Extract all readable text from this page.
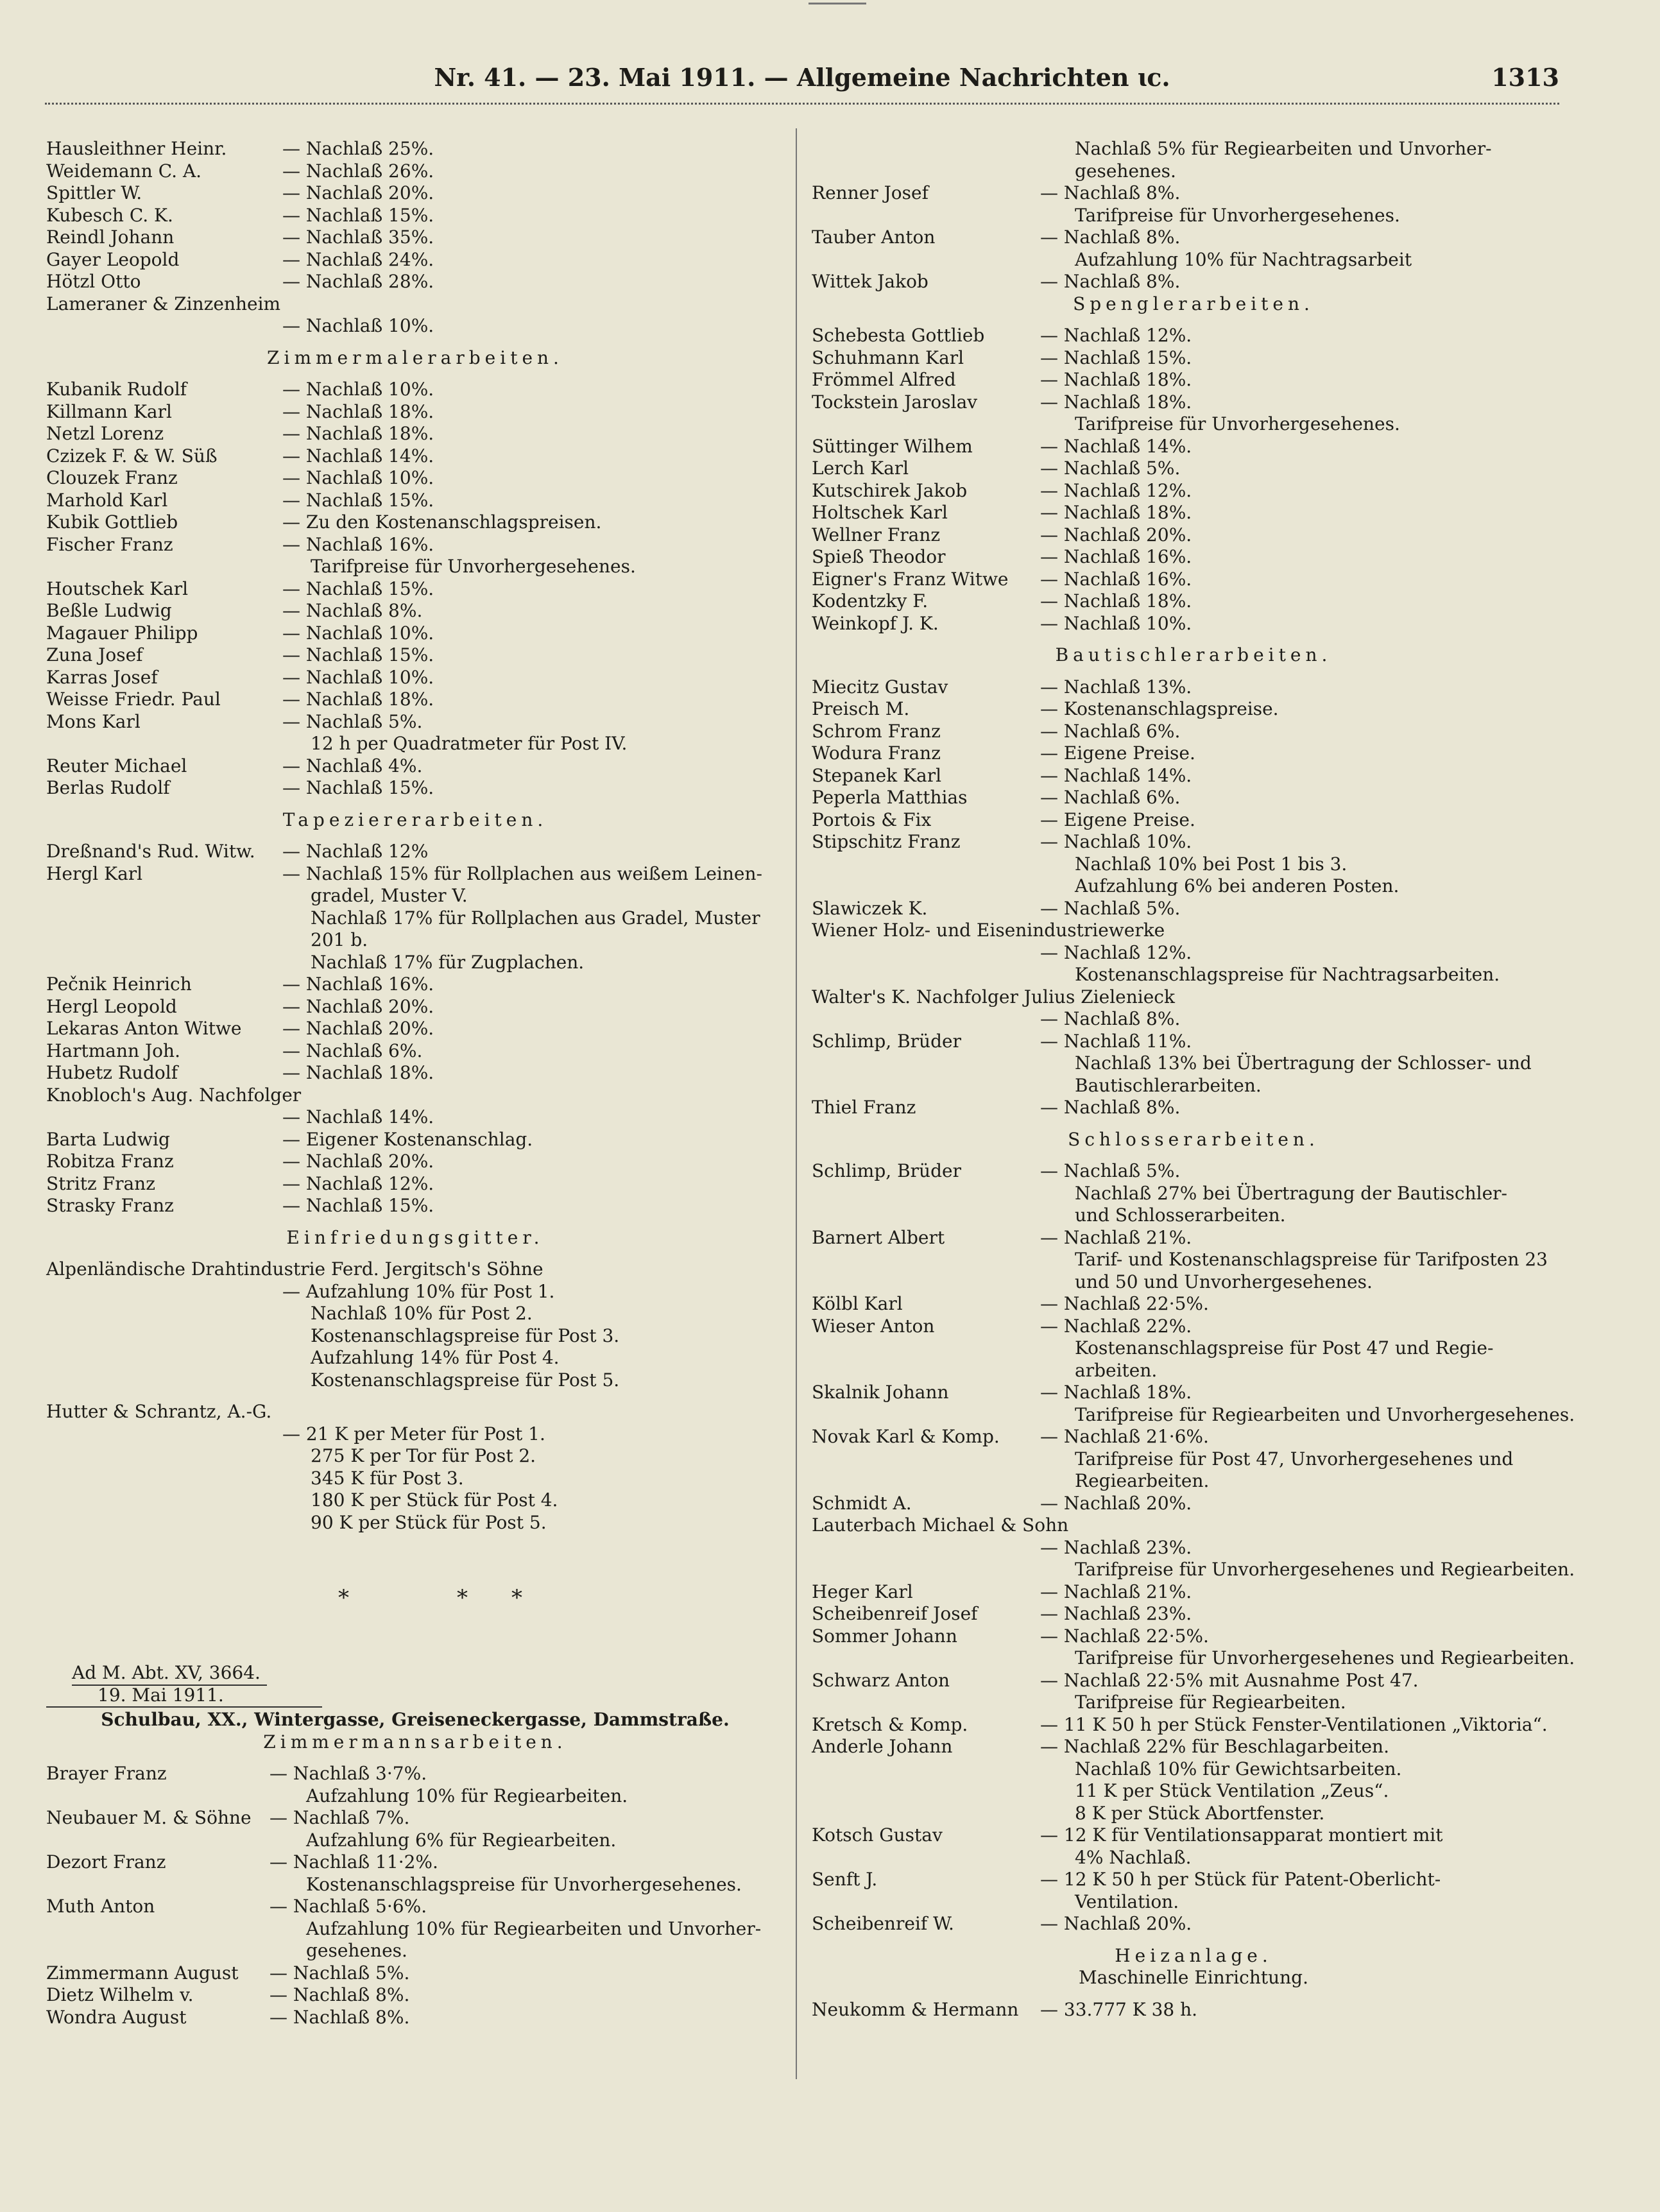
Nr. 41. — 23. Mai 1911. — Allgemeine Nachrichten ɩc.	1313
Hausleithner Heinr.	— Nachlaß 25%.
Weidemann C. A.	— Nachlaß 26%.
Spittler W.	— Nachlaß 20%.
Kubesch C. K.	— Nachlaß 15%.
Reindl Johann	— Nachlaß 35%.
Gayer Leopold	— Nachlaß 24%.
Hötzl Otto	— Nachlaß 28%.
Lameraner & Zinzenheim
— Nachlaß 10%.
Zimmermalerarbeiten.
Kubanik Rudolf	— Nachlaß 10%.
Killmann Karl	— Nachlaß 18%.
Netzl Lorenz	— Nachlaß 18%.
Czizek F. & W. Süß	— Nachlaß 14%.
Clouzek Franz	— Nachlaß 10%.
Marhold Karl	— Nachlaß 15%.
Kubik Gottlieb	— Zu den Kostenanschlagspreisen.
Fischer Franz	— Nachlaß 16%.
Tarifpreise für Unvorhergesehenes.
Houtschek Karl	— Nachlaß 15%.
Beßle Ludwig	— Nachlaß 8%.
Magauer Philipp	— Nachlaß 10%.
Zuna Josef	— Nachlaß 15%.
Karras Josef	— Nachlaß 10%.
Weisse Friedr. Paul	— Nachlaß 18%.
Mons Karl	— Nachlaß 5%.
12 h per Quadratmeter für Post IV.
Reuter Michael	— Nachlaß 4%.
Berlas Rudolf	— Nachlaß 15%.
Tapeziererarbeiten.
Dreßnand's Rud. Witw. — Nachlaß 12%
Hergl Karl	— Nachlaß 15% für Rollplachen aus weißem Leinen-
gradel, Muster V.
Nachlaß 17% für Rollplachen aus Gradel, Muster
201 b.
Nachlaß 17% für Zugplachen.
Pečnik Heinrich	— Nachlaß 16%.
Hergl Leopold	— Nachlaß 20%.
Lekaras Anton Witwe — Nachlaß 20%.
Hartmann Joh.	— Nachlaß 6%.
Hubetz Rudolf	— Nachlaß 18%.
Knobloch's Aug. Nachfolger
— Nachlaß 14%.
Barta Ludwig	— Eigener Kostenanschlag.
Robitza Franz	— Nachlaß 20%.
Stritz Franz	— Nachlaß 12%.
Strasky Franz	— Nachlaß 15%.
Einfriedungsgitter.
Alpenländische Drahtindustrie Ferd. Jergitsch's Söhne
— Aufzahlung 10% für Post 1.
Nachlaß 10% für Post 2.
Kostenanschlagspreise für Post 3.
Aufzahlung 14% für Post 4.
Kostenanschlagspreise für Post 5.
Hutter & Schrantz, A.-G.
— 21 K per Meter für Post 1.
275 K per Tor für Post 2.
345 K für Post 3.
180 K per Stück für Post 4.
90 K per Stück für Post 5.
*	* *
Ad M. Abt. XV, 3664.
19. Mai 1911.
Schulbau, XX., Wintergasse, Greiseneckergasse, Dammstraße.
Zimmermannsarbeiten.
Brayer Franz	— Nachlaß 3·7%.
Aufzahlung 10% für Regiearbeiten.
Neubauer M. & Söhne — Nachlaß 7%.
Aufzahlung 6% für Regiearbeiten.
Dezort Franz	— Nachlaß 11·2%.
Kostenanschlagspreise für Unvorhergesehenes.
Muth Anton	— Nachlaß 5·6%.
Aufzahlung 10% für Regiearbeiten und Unvorher-
gesehenes.
Zimmermann August — Nachlaß 5%.
Dietz Wilhelm v.	— Nachlaß 8%.
Wondra August	— Nachlaß 8%.
Nachlaß 5% für Regiearbeiten und Unvorher-
gesehenes.
Renner Josef	— Nachlaß 8%.
Tarifpreise für Unvorhergesehenes.
Tauber Anton	— Nachlaß 8%.
Aufzahlung 10% für Nachtragsarbeit
Wittek Jakob	— Nachlaß 8%.
Spenglerarbeiten.
Schebesta Gottlieb	— Nachlaß 12%.
Schuhmann Karl	— Nachlaß 15%.
Frömmel Alfred	— Nachlaß 18%.
Tockstein Jaroslav	— Nachlaß 18%.
Tarifpreise für Unvorhergesehenes.
Süttinger Wilhem	— Nachlaß 14%.
Lerch Karl	— Nachlaß 5%.
Kutschirek Jakob	— Nachlaß 12%.
Holtschek Karl	— Nachlaß 18%.
Wellner Franz	— Nachlaß 20%.
Spieß Theodor	— Nachlaß 16%.
Eigner's Franz Witwe — Nachlaß 16%.
Kodentzky F.	— Nachlaß 18%.
Weinkopf J. K.	— Nachlaß 10%.
Bautischlerarbeiten.
Miecitz Gustav	— Nachlaß 13%.
Preisch M.	— Kostenanschlagspreise.
Schrom Franz	— Nachlaß 6%.
Wodura Franz	— Eigene Preise.
Stepanek Karl	— Nachlaß 14%.
Peperla Matthias	— Nachlaß 6%.
Portois & Fix	— Eigene Preise.
Stipschitz Franz	— Nachlaß 10%.
Nachlaß 10% bei Post 1 bis 3.
Aufzahlung 6% bei anderen Posten.
Slawiczek K.	— Nachlaß 5%.
Wiener Holz- und Eisenindustriewerke
— Nachlaß 12%.
Kostenanschlagspreise für Nachtragsarbeiten.
Walter's K. Nachfolger Julius Zielenieck
— Nachlaß 8%.
Schlimp, Brüder	— Nachlaß 11%.
Nachlaß 13% bei Übertragung der Schlosser- und
Bautischlerarbeiten.
Thiel Franz	— Nachlaß 8%.
Schlosserarbeiten.
Schlimp, Brüder	— Nachlaß 5%.
Nachlaß 27% bei Übertragung der Bautischler-
und Schlosserarbeiten.
Barnert Albert	— Nachlaß 21%.
Tarif- und Kostenanschlagspreise für Tarifposten 23
und 50 und Unvorhergesehenes.
Kölbl Karl	— Nachlaß 22·5%.
Wieser Anton	— Nachlaß 22%.
Kostenanschlagspreise für Post 47 und Regie-
arbeiten.
Skalnik Johann	— Nachlaß 18%.
Tarifpreise für Regiearbeiten und Unvorhergesehenes.
Novak Karl & Komp. — Nachlaß 21·6%.
Tarifpreise für Post 47, Unvorhergesehenes und
Regiearbeiten.
Schmidt A.	— Nachlaß 20%.
Lauterbach Michael & Sohn
— Nachlaß 23%.
Tarifpreise für Unvorhergesehenes und Regiearbeiten.
Heger Karl	— Nachlaß 21%.
Scheibenreif Josef	— Nachlaß 23%.
Sommer Johann	— Nachlaß 22·5%.
Tarifpreise für Unvorhergesehenes und Regiearbeiten.
Schwarz Anton	— Nachlaß 22·5% mit Ausnahme Post 47.
Tarifpreise für Regiearbeiten.
Kretsch & Komp.	— 11 K 50 h per Stück Fenster-Ventilationen „Viktoria“.
Anderle Johann	— Nachlaß 22% für Beschlagarbeiten.
Nachlaß 10% für Gewichtsarbeiten.
11 K per Stück Ventilation „Zeus“.
8 K per Stück Abortfenster.
Kotsch Gustav	— 12 K für Ventilationsapparat montiert mit
4% Nachlaß.
Senft J.	— 12 K 50 h per Stück für Patent-Oberlicht-
Ventilation.
Scheibenreif W.	— Nachlaß 20%.
Heizanlage.
Maschinelle Einrichtung.
Neukomm & Hermann — 33.777 K 38 h.
